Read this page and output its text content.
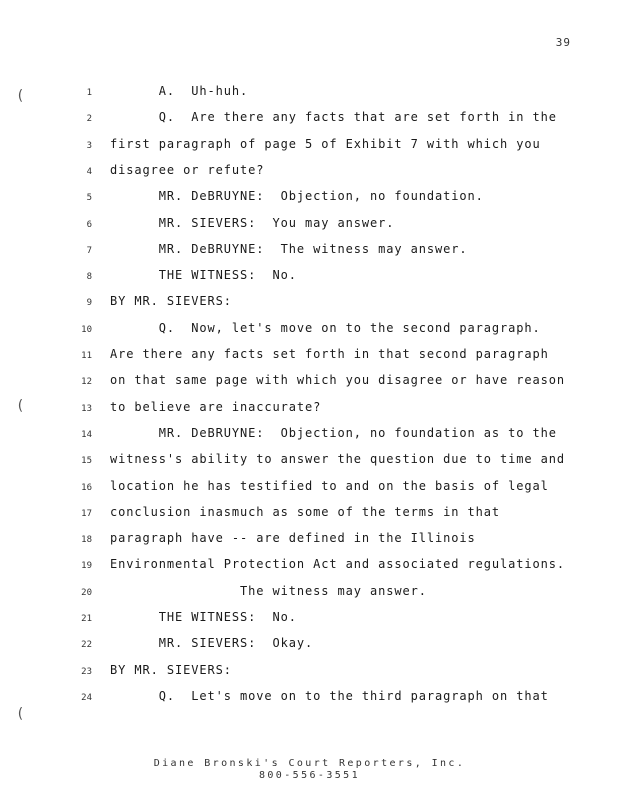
39
(
(
(
1 A.  Uh-huh.
2 Q.  Are there any facts that are set forth in the
3 first paragraph of page 5 of Exhibit 7 with which you
4 disagree or refute?
5 MR. DeBRUYNE:  Objection, no foundation.
6 MR. SIEVERS:  You may answer.
7 MR. DeBRUYNE:  The witness may answer.
8 THE WITNESS:  No.
9 BY MR. SIEVERS:
10 Q.  Now, let's move on to the second paragraph.
11 Are there any facts set forth in that second paragraph
12 on that same page with which you disagree or have reason
13 to believe are inaccurate?
14 MR. DeBRUYNE:  Objection, no foundation as to the
15 witness's ability to answer the question due to time and
16 location he has testified to and on the basis of legal
17 conclusion inasmuch as some of the terms in that
18 paragraph have -- are defined in the Illinois
19 Environmental Protection Act and associated regulations.
20 The witness may answer.
21 THE WITNESS:  No.
22 MR. SIEVERS:  Okay.
23 BY MR. SIEVERS:
24 Q.  Let's move on to the third paragraph on that
Diane Bronski's Court Reporters, Inc.
800-556-3551
